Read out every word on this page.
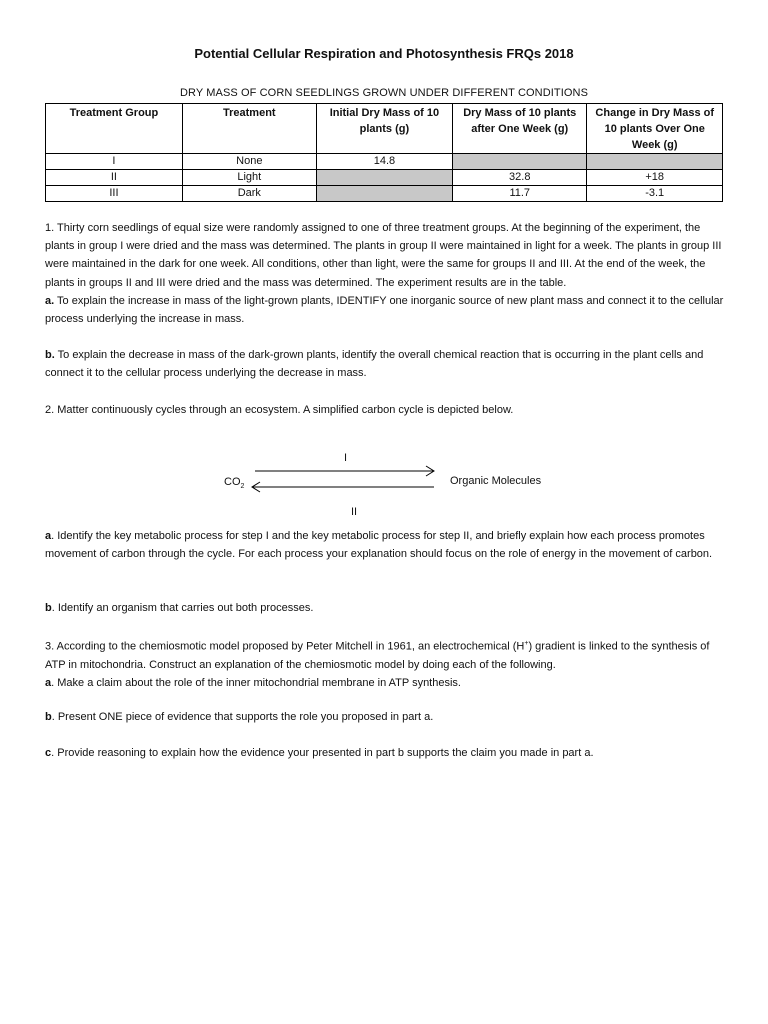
Potential Cellular Respiration and Photosynthesis FRQs 2018
DRY MASS OF CORN SEEDLINGS GROWN UNDER DIFFERENT CONDITIONS
Treatment Group	Treatment	Initial Dry Mass of 10 plants (g)	Dry Mass of 10 plants after One Week (g)	Change in Dry Mass of 10 plants Over One Week (g)
I	None	14.8		
II	Light		32.8	+18
III	Dark		11.7	-3.1

1. Thirty corn seedlings of equal size were randomly assigned to one of three treatment groups. At the beginning of the experiment, the plants in group I were dried and the mass was determined. The plants in group II were maintained in light for a week. The plants in group III were maintained in the dark for one week. All conditions, other than light, were the same for groups II and III. At the end of the week, the plants in groups II and III were dried and the mass was determined. The experiment results are in the table.

a. To explain the increase in mass of the light-grown plants, IDENTIFY one inorganic source of new plant mass and connect it to the cellular process underlying the increase in mass.

b. To explain the decrease in mass of the dark-grown plants, identify the overall chemical reaction that is occurring in the plant cells and connect it to the cellular process underlying the decrease in mass.

2. Matter continuously cycles through an ecosystem. A simplified carbon cycle is depicted below.

I
$CO_2$	Organic Molecules
II

a. Identify the key metabolic process for step I and the key metabolic process for step II, and briefly explain how each process promotes movement of carbon through the cycle. For each process your explanation should focus on the role of energy in the movement of carbon.

b. Identify an organism that carries out both processes.

3. According to the chemiosmotic model proposed by Peter Mitchell in 1961, an electrochemical (H+) gradient is linked to the synthesis of ATP in mitochondria. Construct an explanation of the chemiosmotic model by doing each of the following.

a. Make a claim about the role of the inner mitochondrial membrane in ATP synthesis.

b. Present ONE piece of evidence that supports the role you proposed in part a.

c. Provide reasoning to explain how the evidence your presented in part b supports the claim you made in part a.
